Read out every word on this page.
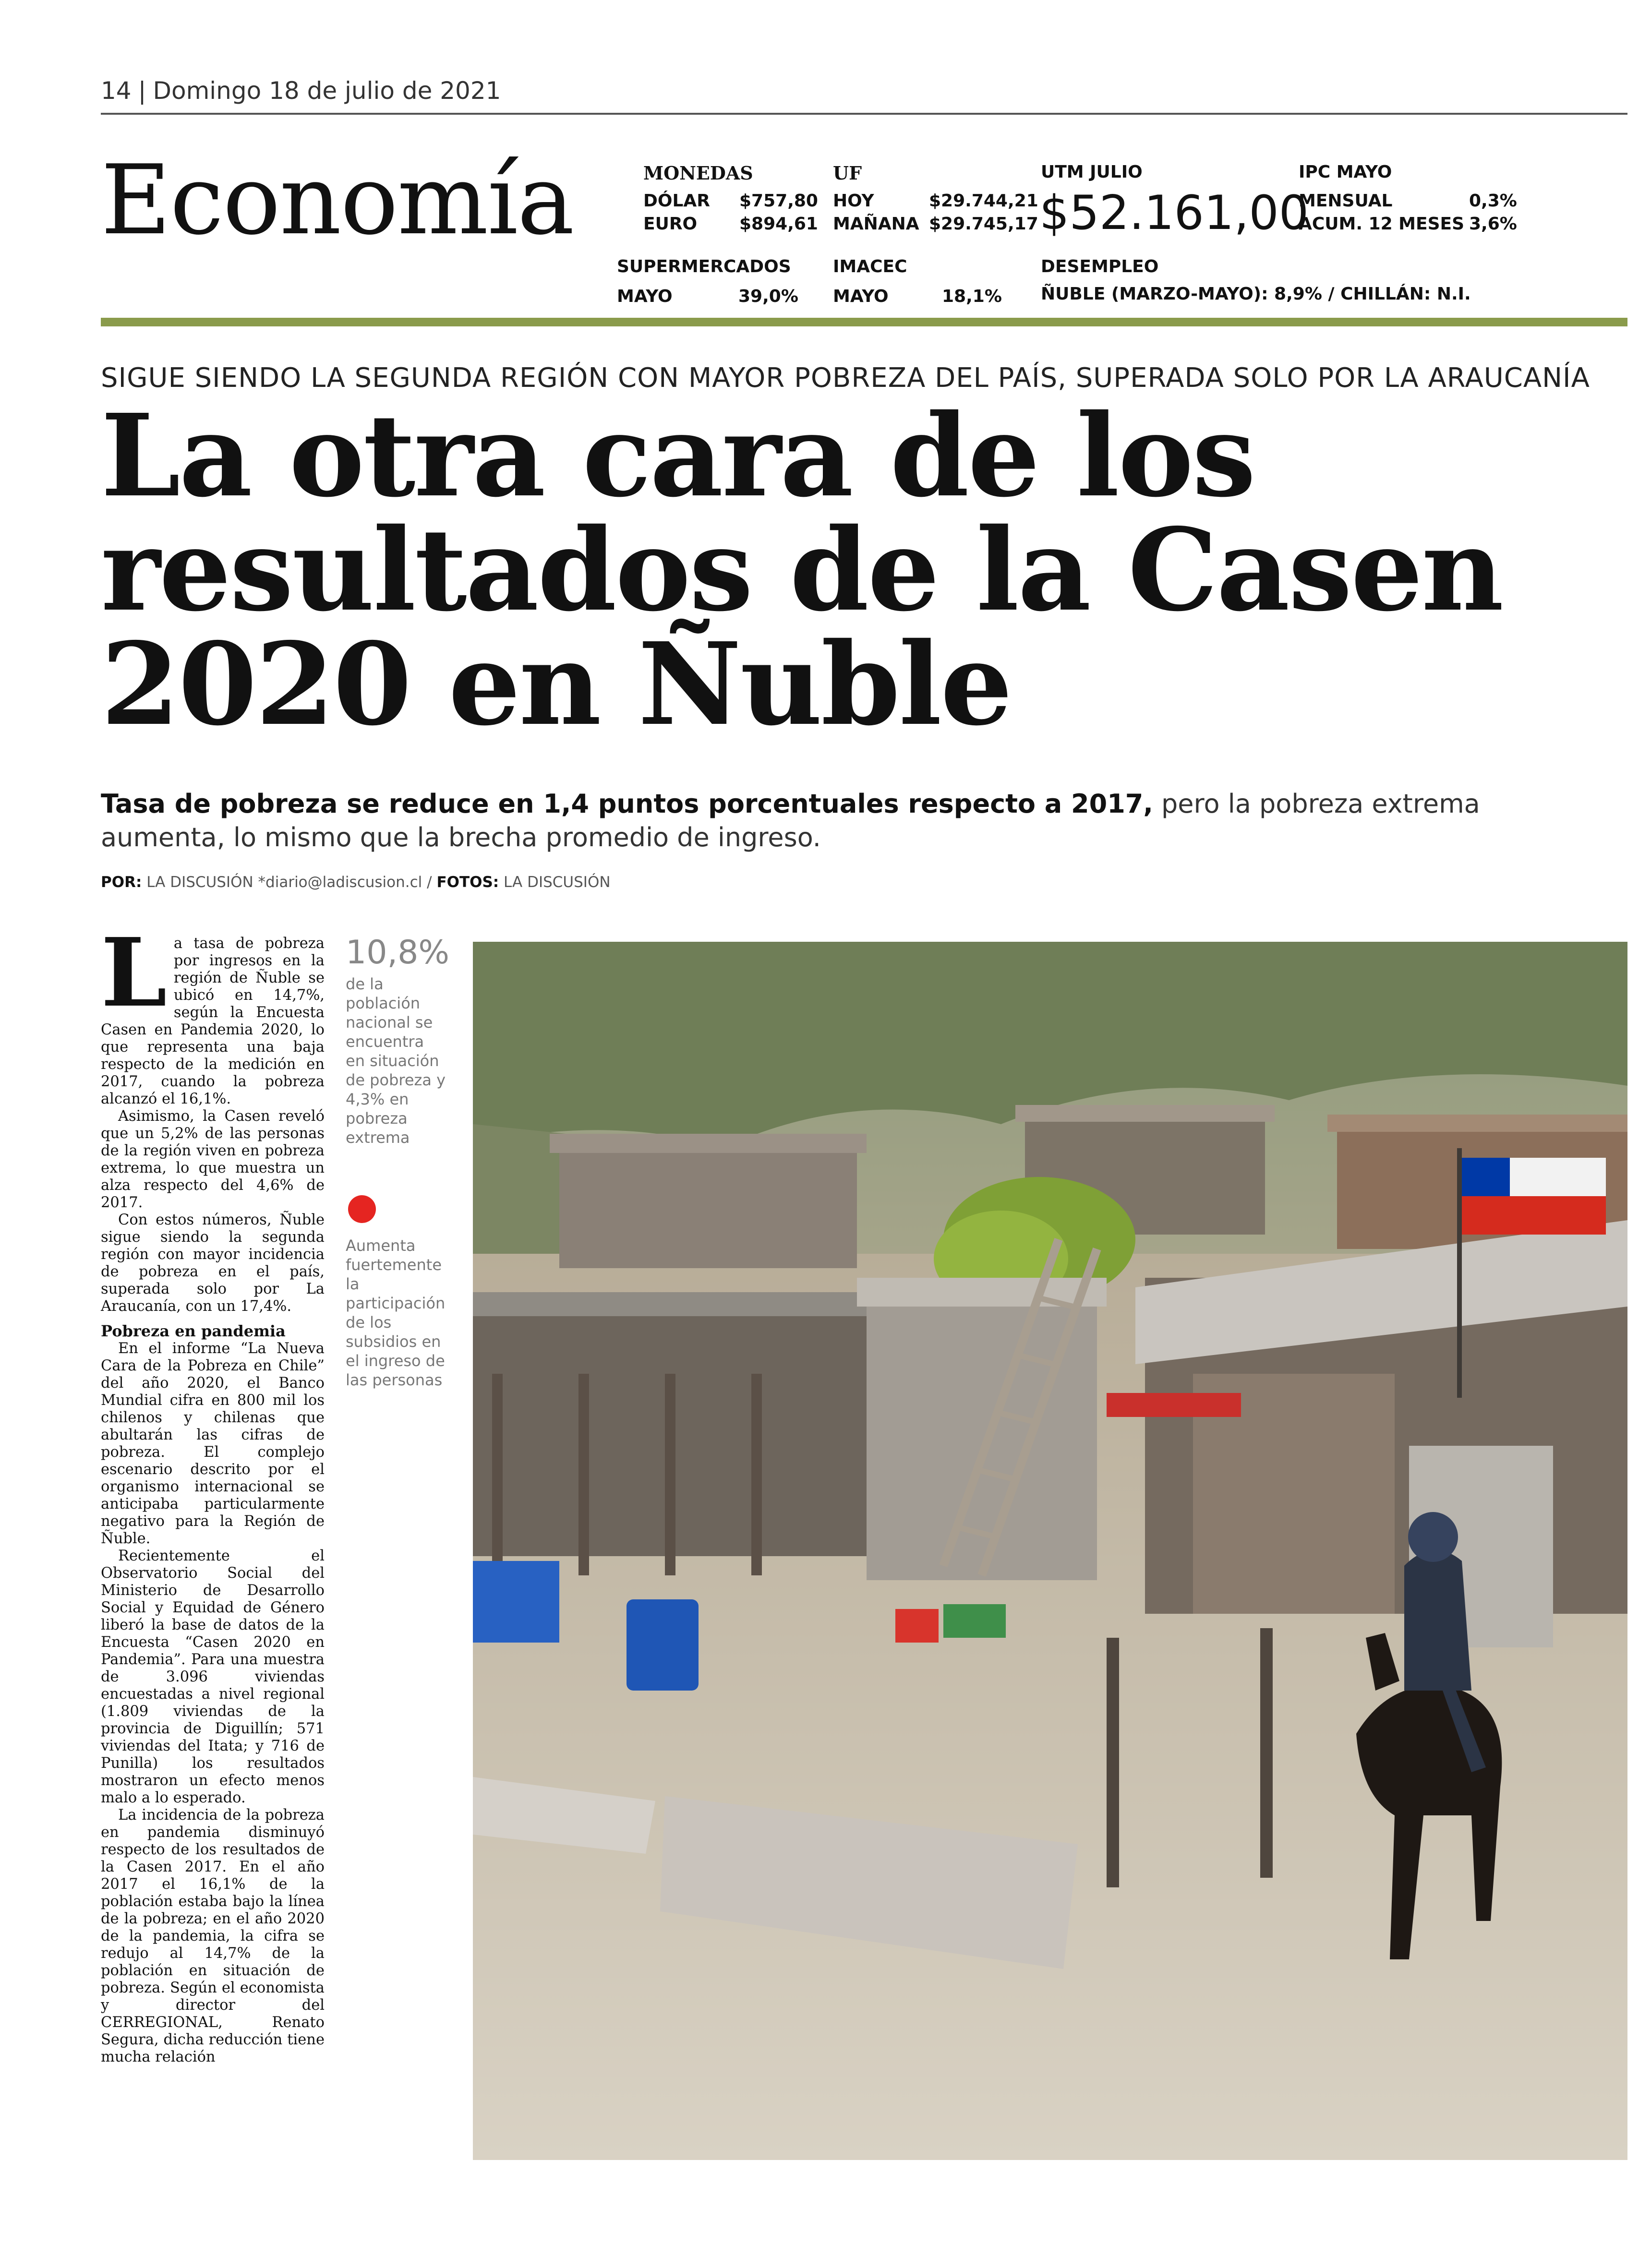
14 | Domingo 18 de julio de 2021
Economía	MONEDAS
DÓLAR $757,80
EURO $894,61
UF
HOY	$29.744,21
MAÑANA $29.745,17
UTM JULIO
$52.161,00
IPC MAYO
MENSUAL	0,3%
ACUM. 12 MESES 3,6%
SUPERMERCADOS
MAYO	39,0%
IMACEC
MAYO	18,1%
DESEMPLEO
ÑUBLE (MARZO-MAYO): 8,9% / CHILLÁN: N.I.
SIGUE SIENDO LA SEGUNDA REGIÓN CON MAYOR POBREZA DEL PAÍS, SUPERADA SOLO POR LA ARAUCANÍA
La otra cara de los resultados de la Casen 2020 en Ñuble
Tasa de pobreza se reduce en 1,4 puntos porcentuales respecto a 2017, pero la pobreza extrema aumenta, lo mismo que la brecha promedio de ingreso.
POR: LA DISCUSIÓN *diario@ladiscusion.cl / FOTOS: LA DISCUSIÓN

La tasa de pobreza por ingresos en la región de Ñuble se ubicó en 14,7%, según la Encuesta Casen en Pandemia 2020, lo que representa una baja respecto de la medición en 2017, cuando la pobreza alcanzó el 16,1%.

Asimismo, la Casen reveló que un 5,2% de las personas de la región viven en pobreza extrema, lo que muestra un alza respecto del 4,6% de 2017.

Con estos números, Ñuble sigue siendo la segunda región con mayor incidencia de pobreza en el país, superada solo por La Araucanía, con un 17,4%.

Pobreza en pandemia

En el informe “La Nueva Cara de la Pobreza en Chile” del año 2020, el Banco Mundial cifra en 800 mil los chilenos y chilenas que abultarán las cifras de pobreza. El complejo escenario descrito por el organismo internacional se anticipaba particularmente negativo para la Región de Ñuble.

Recientemente el Observatorio Social del Ministerio de Desarrollo Social y Equidad de Género liberó la base de datos de la Encuesta “Casen 2020 en Pandemia”. Para una muestra de 3.096 viviendas encuestadas a nivel regional (1.809 viviendas de la provincia de Diguillín; 571 viviendas del Itata; y 716 de Punilla) los resultados mostraron un efecto menos malo a lo esperado.

La incidencia de la pobreza en pandemia disminuyó respecto de los resultados de la Casen 2017. En el año 2017 el 16,1% de la población estaba bajo la línea de la pobreza; en el año 2020 de la pandemia, la cifra se redujo al 14,7% de la población en situación de pobreza. Según el economista y director del CERREGIONAL, Renato Segura, dicha reducción tiene mucha relación

10,8%
de la población nacional se encuentra en situación de pobreza y 4,3% en pobreza extrema
Aumenta fuertemente la participación de los subsidios en el ingreso de las personas
